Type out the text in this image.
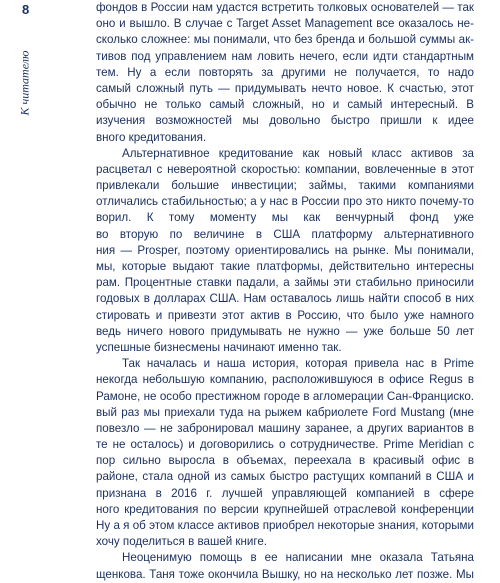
8
К читателю
фондов в России нам удастся встретить толковых основателей — так
оно и вышло. В случае с Target Asset Management все оказалось не-
сколько сложнее: мы понимали, что без бренда и большой суммы ак-
тивов под управлением нам ловить нечего, если идти стандартным
тем. Ну а если повторять за другими не получается, то надо
самый сложный путь — придумывать нечто новое. К счастью, этот
обычно не только самый сложный, но и самый интересный. В
изучения возможностей мы довольно быстро пришли к идее
вного кредитования.
Альтернативное кредитование как новый класс активов за
расцветал с невероятной скоростью: компании, вовлеченные в этот
привлекали большие инвестиции; займы, такими компаниями
отличались стабильностью; а у нас в России про это никто почему-то
ворил. К тому моменту мы как венчурный фонд уже
во вторую по величине в США платформу альтернативного
ния — Prosper, поэтому ориентировались на рынке. Мы понимали,
мы, которые выдают такие платформы, действительно интересны
рам. Процентные ставки падали, а займы эти стабильно приносили
годовых в долларах США. Нам оставалось лишь найти способ в них
стировать и привезти этот актив в Россию, что было уже намного
ведь ничего нового придумывать не нужно — уже больше 50 лет
успешные бизнесмены начинают именно так.
Так началась и наша история, которая привела нас в Prime
некогда небольшую компанию, расположившуюся в офисе Regus в
Рамоне, не особо престижном городе в агломерации Сан-Франциско.
вый раз мы приехали туда на рыжем кабриолете Ford Mustang (мне
повезло — не забронировал машину заранее, а других вариантов в
те не осталось) и договорились о сотрудничестве. Prime Meridian с
пор сильно выросла в объемах, переехала в красивый офис в
районе, стала одной из самых быстро растущих компаний в США и
признана в 2016 г. лучшей управляющей компанией в сфере
ного кредитования по версии крупнейшей отраслевой конференции
Ну а я об этом классе активов приобрел некоторые знания, которыми
хочу поделиться в вашей книге.
Неоценимую помощь в ее написании мне оказала Татьяна
щенкова. Таня тоже окончила Вышку, но на несколько лет позже. Мы
